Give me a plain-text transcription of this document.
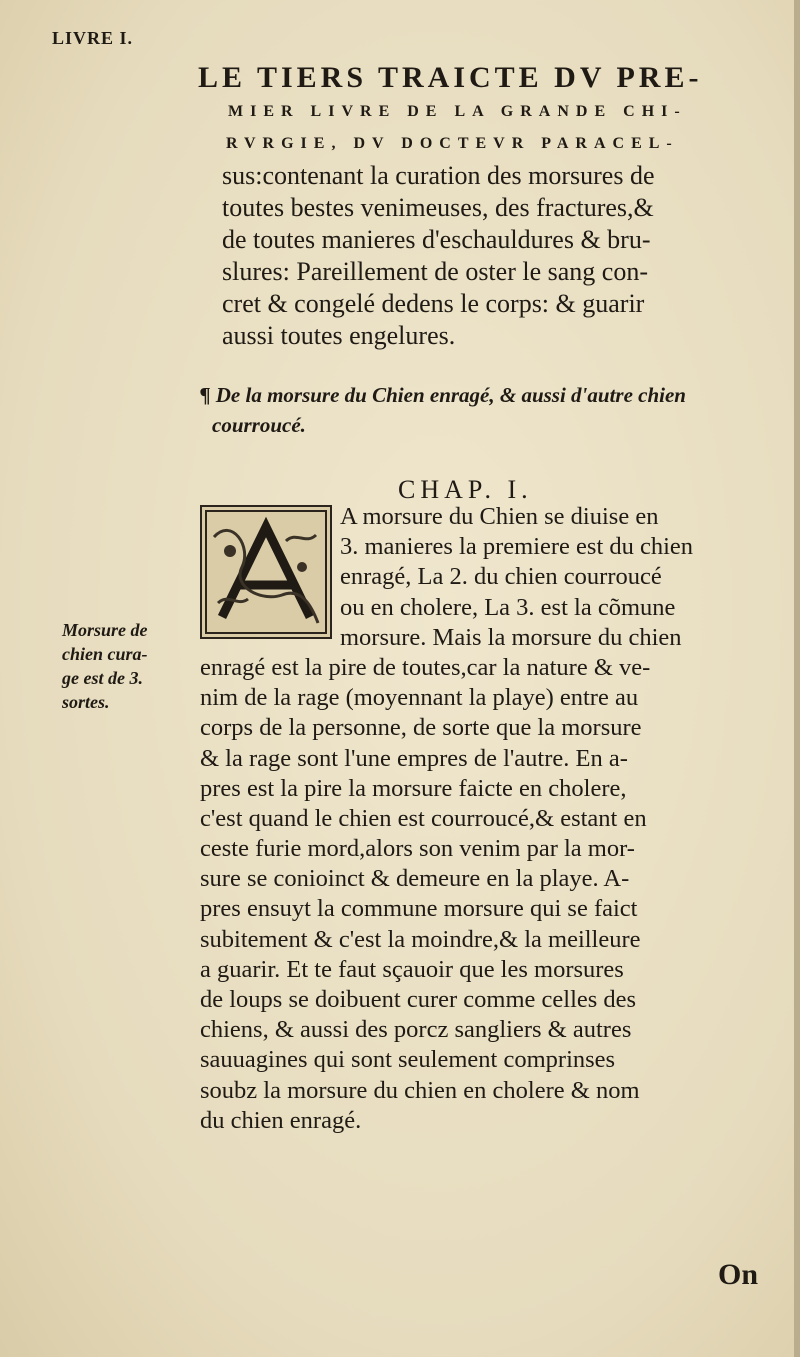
LIVRE I.
LE TIERS TRAICTE DV PRE-
MIER LIVRE DE LA GRANDE CHI-
RVRGIE, DV DOCTEVR PARACEL-
sus:contenant la curation des morsures de
toutes bestes venimeuses, des fractures,&
de toutes manieres d'eschauldures & bru-
slures: Pareillement de oster le sang con-
cret & congelé dedens le corps: & guarir
aussi toutes engelures.
¶ De la morsure du Chien enragé, & aussi d'autre chien
courroucé.
CHAP. I.
A morsure du Chien se diuise en
3. manieres la premiere est du chien
enragé, La 2. du chien courroucé
ou en cholere, La 3. est la cõmune
morsure. Mais la morsure du chien
enragé est la pire de toutes,car la nature & ve-
nim de la rage (moyennant la playe) entre au
corps de la personne, de sorte que la morsure
& la rage sont l'une empres de l'autre. En a-
pres est la pire la morsure faicte en cholere,
c'est quand le chien est courroucé,& estant en
ceste furie mord,alors son venim par la mor-
sure se conioinct & demeure en la playe. A-
pres ensuyt la commune morsure qui se faict
subitement & c'est la moindre,& la meilleure
a guarir. Et te faut sçauoir que les morsures
de loups se doibuent curer comme celles des
chiens, & aussi des porcz sangliers & autres
sauuagines qui sont seulement comprinses
soubz la morsure du chien en cholere & nom
du chien enragé.
Morsure de
chien cura-
ge est de 3.
sortes.
On
